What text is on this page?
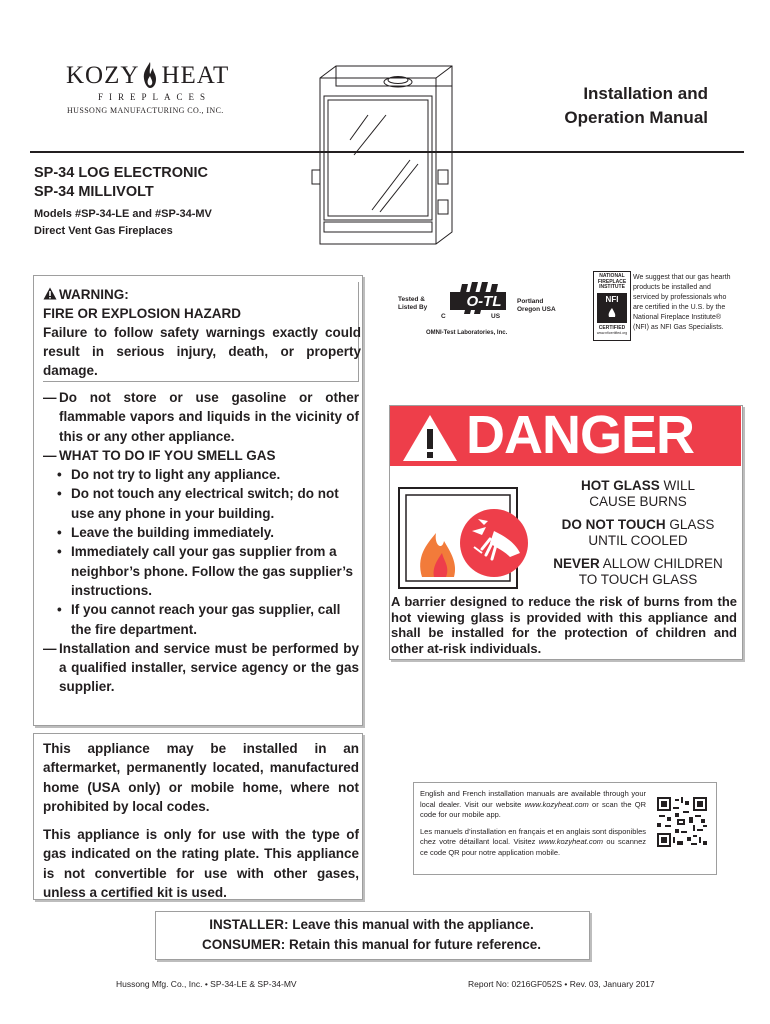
KOZY HEAT
FIREPLACES
HUSSONG MANUFACTURING CO., INC.
Installation and
Operation Manual
SP-34 LOG ELECTRONIC
SP-34 MILLIVOLT
Models #SP-34-LE and #SP-34-MV
Direct Vent Gas Fireplaces
WARNING:
FIRE OR EXPLOSION HAZARD
Failure to follow safety warnings exactly could result in serious injury, death, or property damage.
— Do not store or use gasoline or other flammable vapors and liquids in the vicinity of this or any other appliance.
— WHAT TO DO IF YOU SMELL GAS
• Do not try to light any appliance.
• Do not touch any electrical switch; do not use any phone in your building.
• Leave the building immediately.
• Immediately call your gas supplier from a neighbor’s phone. Follow the gas supplier’s instructions.
• If you cannot reach your gas supplier, call the fire department.
— Installation and service must be performed by a qualified installer, service agency or the gas supplier.
O-TL
Tested &
Listed By
Portland
Oregon USA
C	US
OMNI-Test Laboratories, Inc.
NATIONAL
FIREPLACE
INSTITUTE
NFI
CERTIFIED
www.nficertified.org
We suggest that our gas hearth products be installed and serviced by professionals who are certified in the U.S. by the National Fireplace Institute® (NFI) as NFI Gas Specialists.
DANGER
HOT GLASS WILL
CAUSE BURNS
DO NOT TOUCH GLASS
UNTIL COOLED
NEVER ALLOW CHILDREN
TO TOUCH GLASS
A barrier designed to reduce the risk of burns from the hot viewing glass is provided with this appliance and shall be installed for the protection of children and other at-risk individuals.

This appliance may be installed in an aftermarket, permanently located, manufactured home (USA only) or mobile home, where not prohibited by local codes.

This appliance is only for use with the type of gas indicated on the rating plate. This appliance is not convertible for use with other gases, unless a certified kit is used.

English and French installation manuals are available through your local dealer. Visit our website www.kozyheat.com or scan the QR code for our mobile app.

Les manuels d’installation en français et en anglais sont disponibles chez votre détaillant local. Visitez www.kozyheat.com ou scannez ce code QR pour notre application mobile.

INSTALLER: Leave this manual with the appliance.
CONSUMER: Retain this manual for future reference.
Hussong Mfg. Co., Inc. • SP-34-LE & SP-34-MV	Report No: 0216GF052S • Rev. 03, January 2017
